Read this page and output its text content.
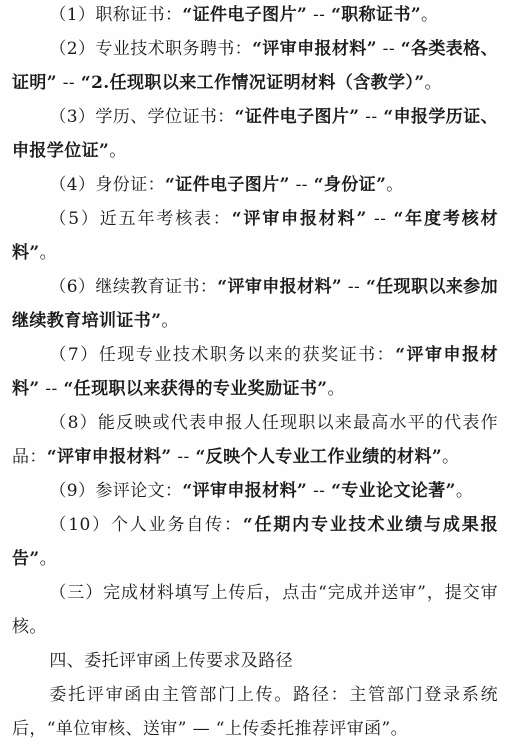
（1）职称证书：“证件电子图片” -- “职称证书”。

（2）专业技术职务聘书：“评审申报材料” -- “各类表格、证明” -- “2.任现职以来工作情况证明材料（含教学）”。

（3）学历、学位证书：“证件电子图片” -- “申报学历证、申报学位证”。

（4）身份证：“证件电子图片” -- “身份证”。

（5）近五年考核表：“评审申报材料” -- “年度考核材料”。

（6）继续教育证书：“评审申报材料” -- “任现职以来参加继续教育培训证书”。

（7）任现专业技术职务以来的获奖证书：“评审申报材料” -- “任现职以来获得的专业奖励证书”。

（8）能反映或代表申报人任现职以来最高水平的代表作品：“评审申报材料” -- “反映个人专业工作业绩的材料”。

（9）参评论文：“评审申报材料” -- “专业论文论著”。

（10）个人业务自传：“任期内专业技术业绩与成果报告”。

（三）完成材料填写上传后，点击“完成并送审”，提交审核。

四、委托评审函上传要求及路径

委托评审函由主管部门上传。路径：主管部门登录系统后，“单位审核、送审” — “上传委托推荐评审函”。
